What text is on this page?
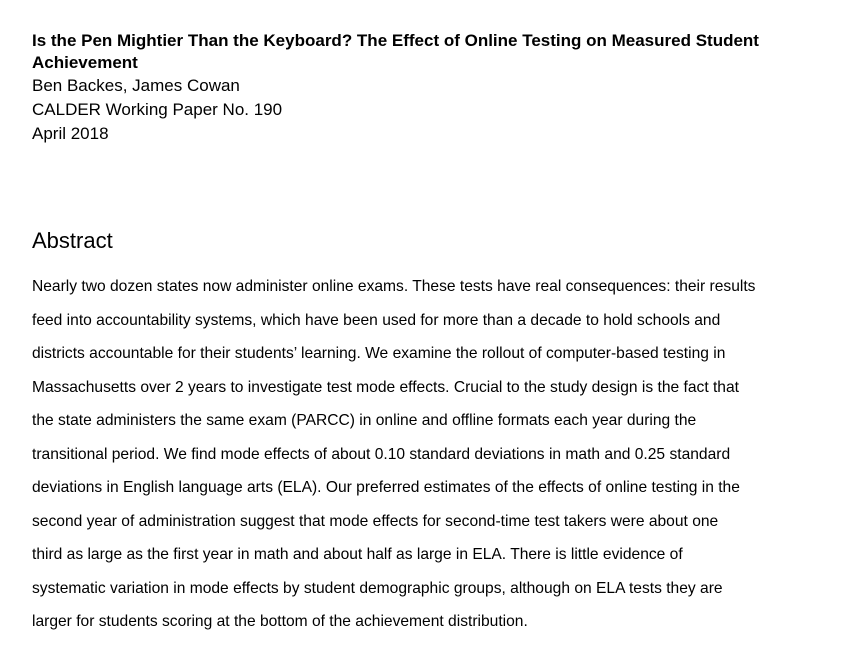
Is the Pen Mightier Than the Keyboard? The Effect of Online Testing on Measured Student Achievement

Ben Backes, James Cowan

CALDER Working Paper No. 190

April 2018

Abstract

Nearly two dozen states now administer online exams. These tests have real consequences: their results
feed into accountability systems, which have been used for more than a decade to hold schools and
districts accountable for their students’ learning. We examine the rollout of computer-based testing in
Massachusetts over 2 years to investigate test mode effects. Crucial to the study design is the fact that
the state administers the same exam (PARCC) in online and offline formats each year during the
transitional period. We find mode effects of about 0.10 standard deviations in math and 0.25 standard
deviations in English language arts (ELA). Our preferred estimates of the effects of online testing in the
second year of administration suggest that mode effects for second-time test takers were about one
third as large as the first year in math and about half as large in ELA. There is little evidence of
systematic variation in mode effects by student demographic groups, although on ELA tests they are
larger for students scoring at the bottom of the achievement distribution.
